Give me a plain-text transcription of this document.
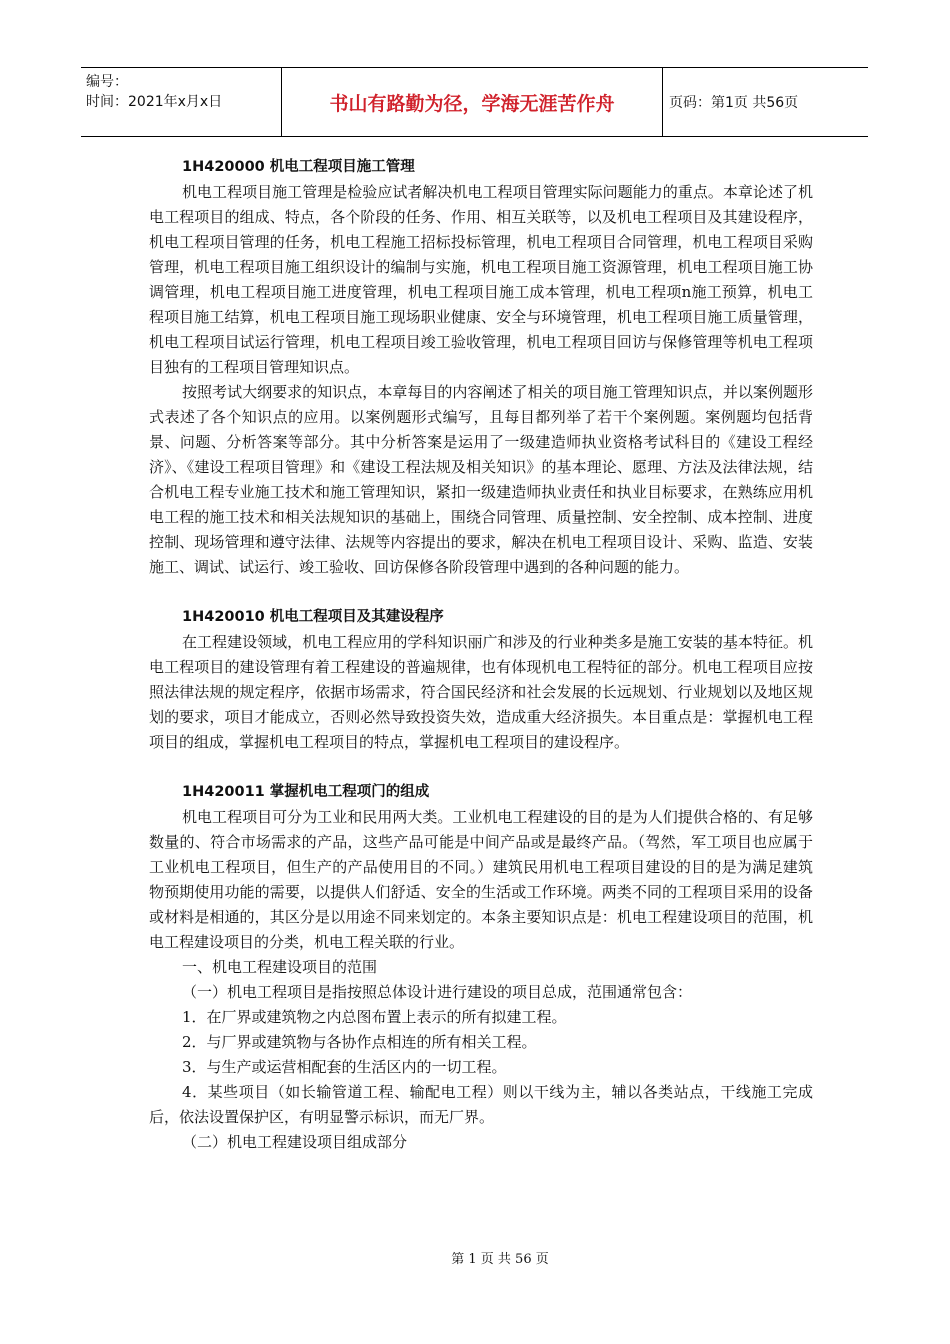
编号：
时间：2021年x月x日	书山有路勤为径，学海无涯苦作舟	页码：第1页 共56页

1H420000 机电工程项目施工管理

机电工程项目施工管理是检验应试者解决机电工程项目管理实际问题能力的重点。本章论述了机电工程项目的组成、特点，各个阶段的任务、作用、相互关联等，以及机电工程项目及其建设程序，机电工程项目管理的任务，机电工程施工招标投标管理，机电工程项目合同管理，机电工程项目采购管理，机电工程项目施工组织设计的编制与实施，机电工程项目施工资源管理，机电工程项目施工协调管理，机电工程项目施工进度管理，机电工程项目施工成本管理，机电工程项n施工预算，机电工程项目施工结算，机电工程项目施工现场职业健康、安全与环境管理，机电工程项目施工质量管理，机电工程项目试运行管理，机电工程项目竣工验收管理，机电工程项目回访与保修管理等机电工程项目独有的工程项目管理知识点。

按照考试大纲要求的知识点，本章每目的内容阐述了相关的项目施工管理知识点，并以案例题形式表述了各个知识点的应用。以案例题形式编写，且每目都列举了若干个案例题。案例题均包括背景、问题、分析答案等部分。其中分析答案是运用了一级建造师执业资格考试科目的《建设工程经济》、《建设工程项目管理》和《建设工程法规及相关知识》的基本理论、愿理、方法及法律法规，结合机电工程专业施工技术和施工管理知识，紧扣一级建造师执业责任和执业目标要求，在熟练应用机电工程的施工技术和相关法规知识的基础上，围绕合同管理、质量控制、安全控制、成本控制、进度控制、现场管理和遵守法律、法规等内容提出的要求，解决在机电工程项目设计、采购、监造、安装施工、调试、试运行、竣工验收、回访保修各阶段管理中遇到的各种问题的能力。

1H420010 机电工程项目及其建设程序

在工程建设领域，机电工程应用的学科知识丽广和涉及的行业种类多是施工安装的基本特征。机电工程项目的建设管理有着工程建设的普遍规律，也有体现机电工程特征的部分。机电工程项目应按照法律法规的规定程序，依据市场需求，符合国民经济和社会发展的长远规划、行业规划以及地区规划的要求，项目才能成立，否则必然导致投资失效，造成重大经济损失。本目重点是：掌握机电工程项目的组成，掌握机电工程项目的特点，掌握机电工程项目的建设程序。

1H420011 掌握机电工程项门的组成

机电工程项目可分为工业和民用两大类。工业机电工程建设的目的是为人们提供合格的、有足够数量的、符合市场需求的产品，这些产品可能是中间产品或是最终产品。（驾然，军工项目也应属于工业机电工程项目，但生产的产品使用目的不同。）建筑民用机电工程项目建设的目的是为满足建筑物预期使用功能的需要，以提供人们舒适、安全的生活或工作环境。两类不同的工程项目采用的设备或材料是相通的，其区分是以用途不同来划定的。本条主要知识点是：机电工程建设项目的范围，机电工程建设项目的分类，机电工程关联的行业。

一、机电工程建设项目的范围

（一）机电工程项目是指按照总体设计进行建设的项目总成，范围通常包含：

1．在厂界或建筑物之内总图布置上表示的所有拟建工程。

2．与厂界或建筑物与各协作点相连的所有相关工程。

3．与生产或运营相配套的生活区内的一切工程。

4．某些项目（如长输管道工程、输配电工程）则以干线为主，辅以各类站点，干线施工完成后，依法设置保护区，有明显警示标识，而无厂界。

（二）机电工程建设项目组成部分

第 1 页 共 56 页
